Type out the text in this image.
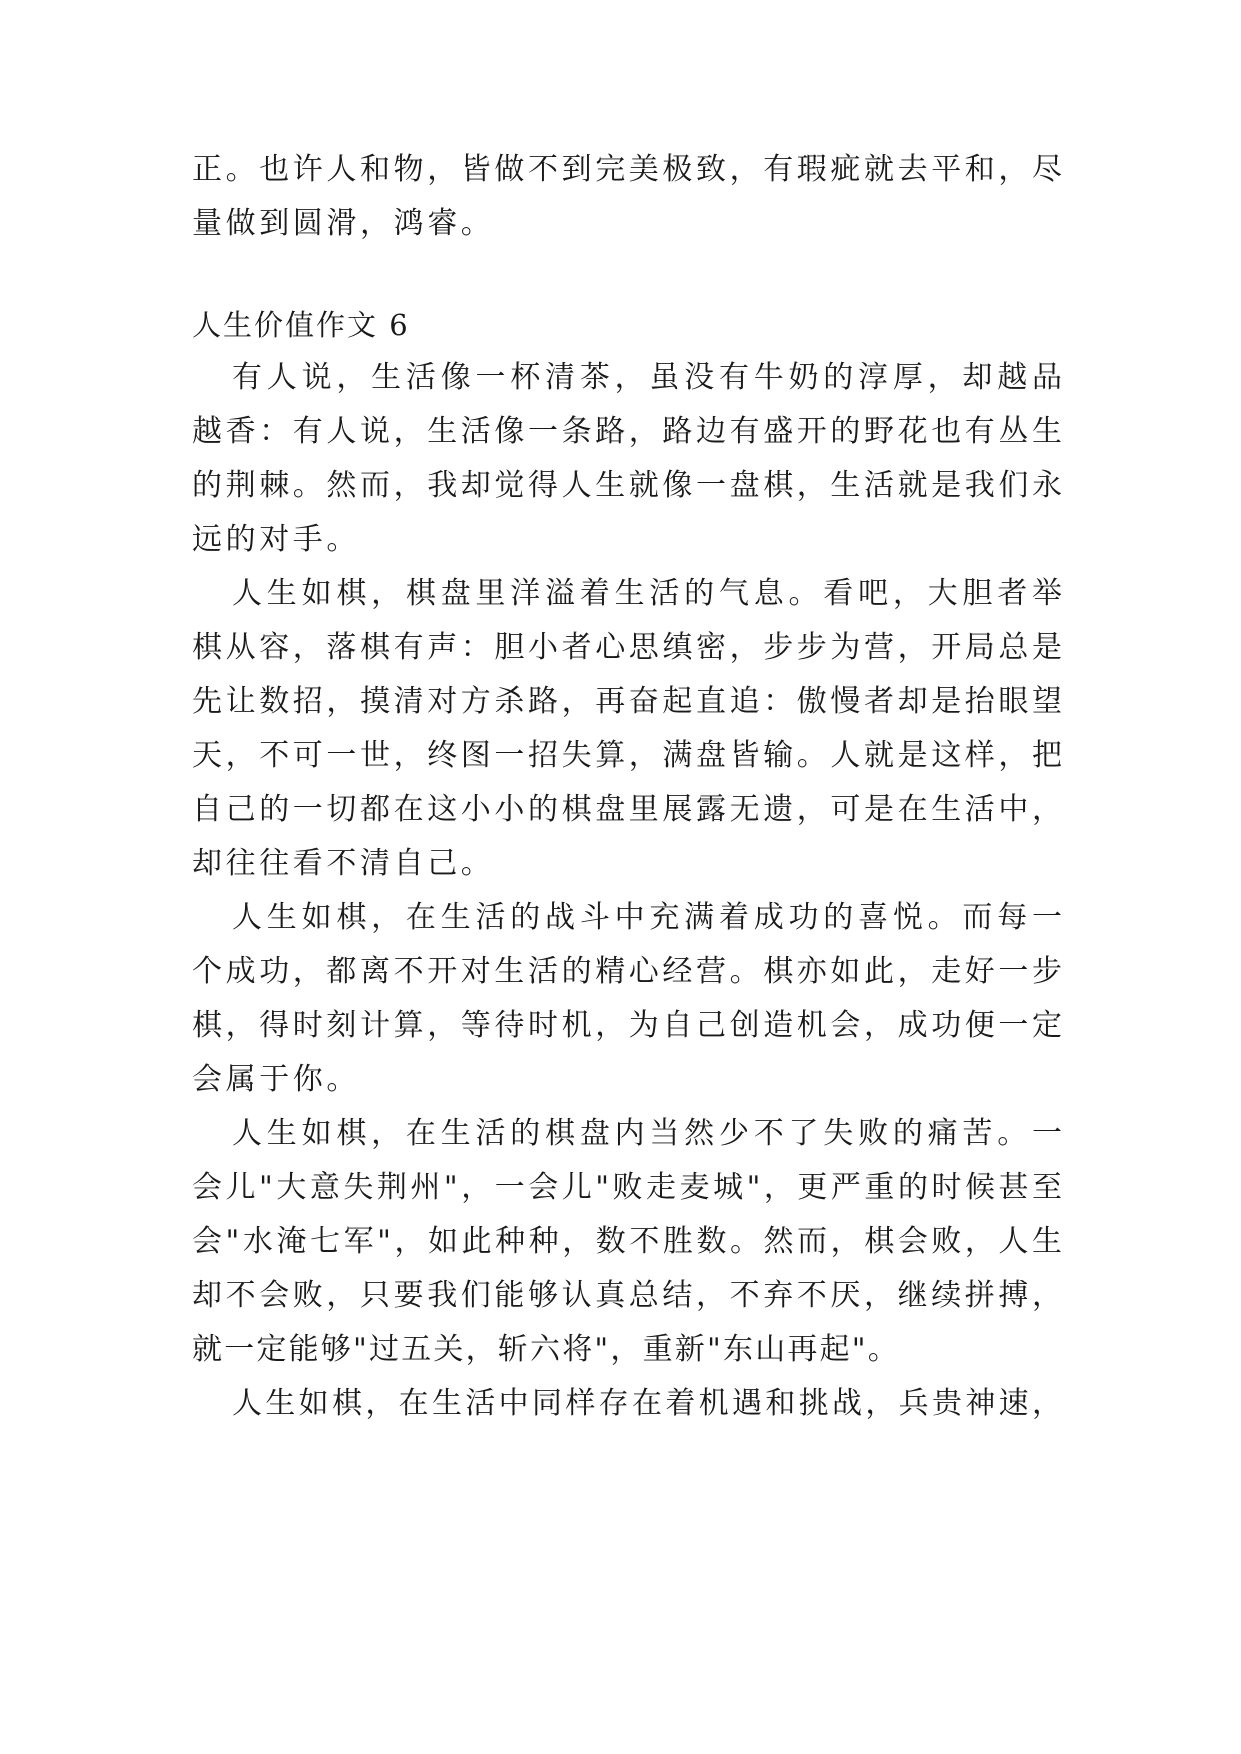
正。也许人和物，皆做不到完美极致，有瑕疵就去平和，尽
量做到圆滑，鸿睿。
人生价值作文 6
有人说，生活像一杯清茶，虽没有牛奶的淳厚，却越品
越香：有人说，生活像一条路，路边有盛开的野花也有丛生
的荆棘。然而，我却觉得人生就像一盘棋，生活就是我们永
远的对手。
人生如棋，棋盘里洋溢着生活的气息。看吧，大胆者举
棋从容，落棋有声：胆小者心思缜密，步步为营，开局总是
先让数招，摸清对方杀路，再奋起直追：傲慢者却是抬眼望
天，不可一世，终图一招失算，满盘皆输。人就是这样，把
自己的一切都在这小小的棋盘里展露无遗，可是在生活中，
却往往看不清自己。
人生如棋，在生活的战斗中充满着成功的喜悦。而每一
个成功，都离不开对生活的精心经营。棋亦如此，走好一步
棋，得时刻计算，等待时机，为自己创造机会，成功便一定
会属于你。
人生如棋，在生活的棋盘内当然少不了失败的痛苦。一
会儿"大意失荆州"，一会儿"败走麦城"，更严重的时候甚至
会"水淹七军"，如此种种，数不胜数。然而，棋会败，人生
却不会败，只要我们能够认真总结，不弃不厌，继续拼搏，
就一定能够"过五关，斩六将"，重新"东山再起"。
人生如棋，在生活中同样存在着机遇和挑战，兵贵神速，
